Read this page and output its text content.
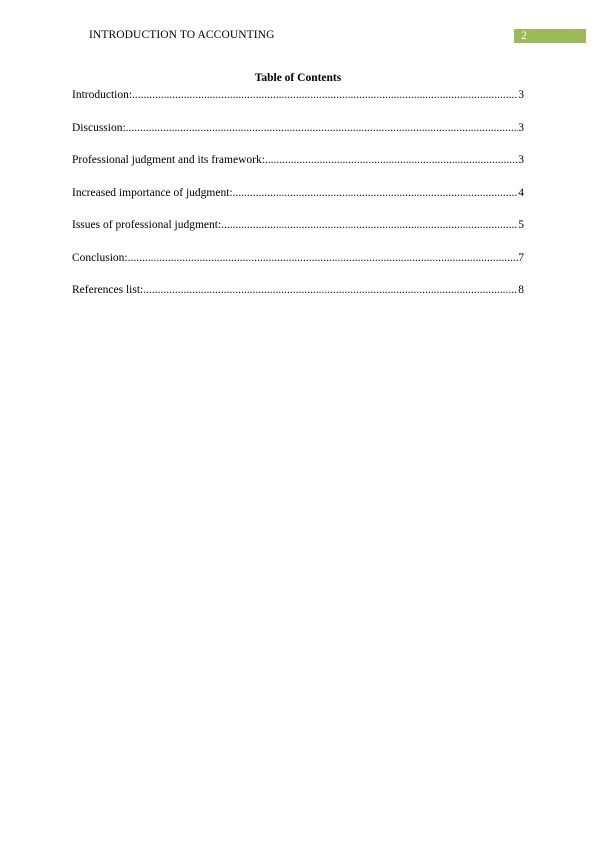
INTRODUCTION TO ACCOUNTING	2
Table of Contents
Introduction: .....	3
Discussion: .....	3
Professional judgment and its framework: .....	3
Increased importance of judgment: .....	4
Issues of professional judgment: .....	5
Conclusion: .....	7
References list: .....	8
